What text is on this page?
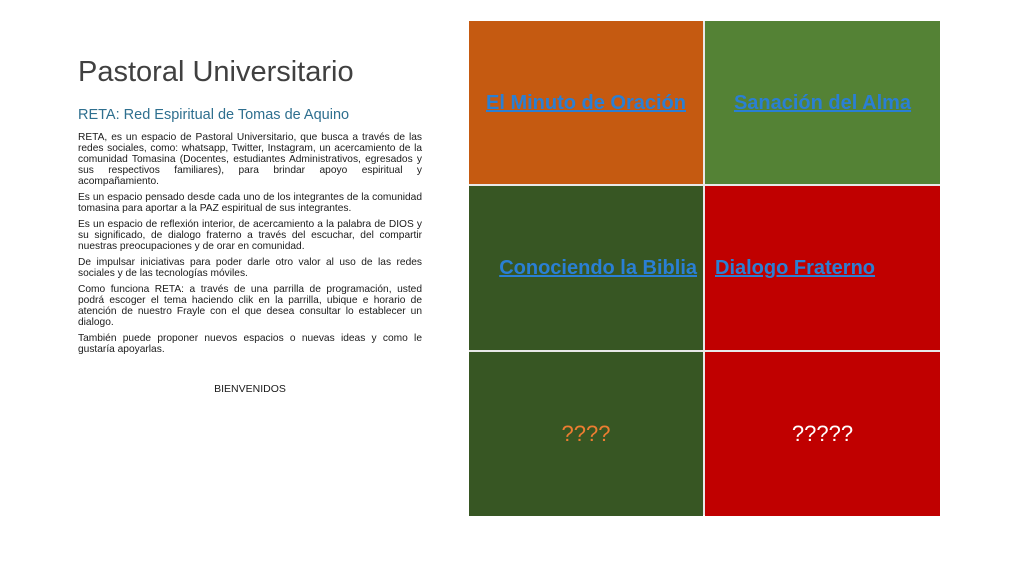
Pastoral Universitario
RETA: Red Espiritual de Tomas de Aquino

RETA, es un espacio de Pastoral Universitario, que busca a través de las redes sociales, como: whatsapp, Twitter, Instagram, un acercamiento de la comunidad Tomasina (Docentes, estudiantes Administrativos, egresados y sus respectivos familiares), para brindar apoyo espiritual y acompañamiento.

Es un espacio pensado desde cada uno de los integrantes de la comunidad tomasina para aportar a la PAZ espiritual de sus integrantes.

Es un espacio de reflexión interior, de acercamiento a la palabra de DIOS y su significado, de dialogo fraterno a través del escuchar, del compartir nuestras preocupaciones y de orar en comunidad.

De impulsar iniciativas para poder darle otro valor al uso de las redes sociales y de las tecnologías móviles.

Como funciona RETA: a través de una parrilla de programación, usted podrá escoger el tema haciendo clik en la parrilla, ubique e horario de atención de nuestro Frayle con el que desea consultar lo establecer un dialogo.

También puede proponer nuevos espacios o nuevas ideas y como le gustaría apoyarlas.

BIENVENIDOS
El Minuto de Oración Sanación del Alma
Conociendo la Biblia Dialogo Fraterno
????	?????
